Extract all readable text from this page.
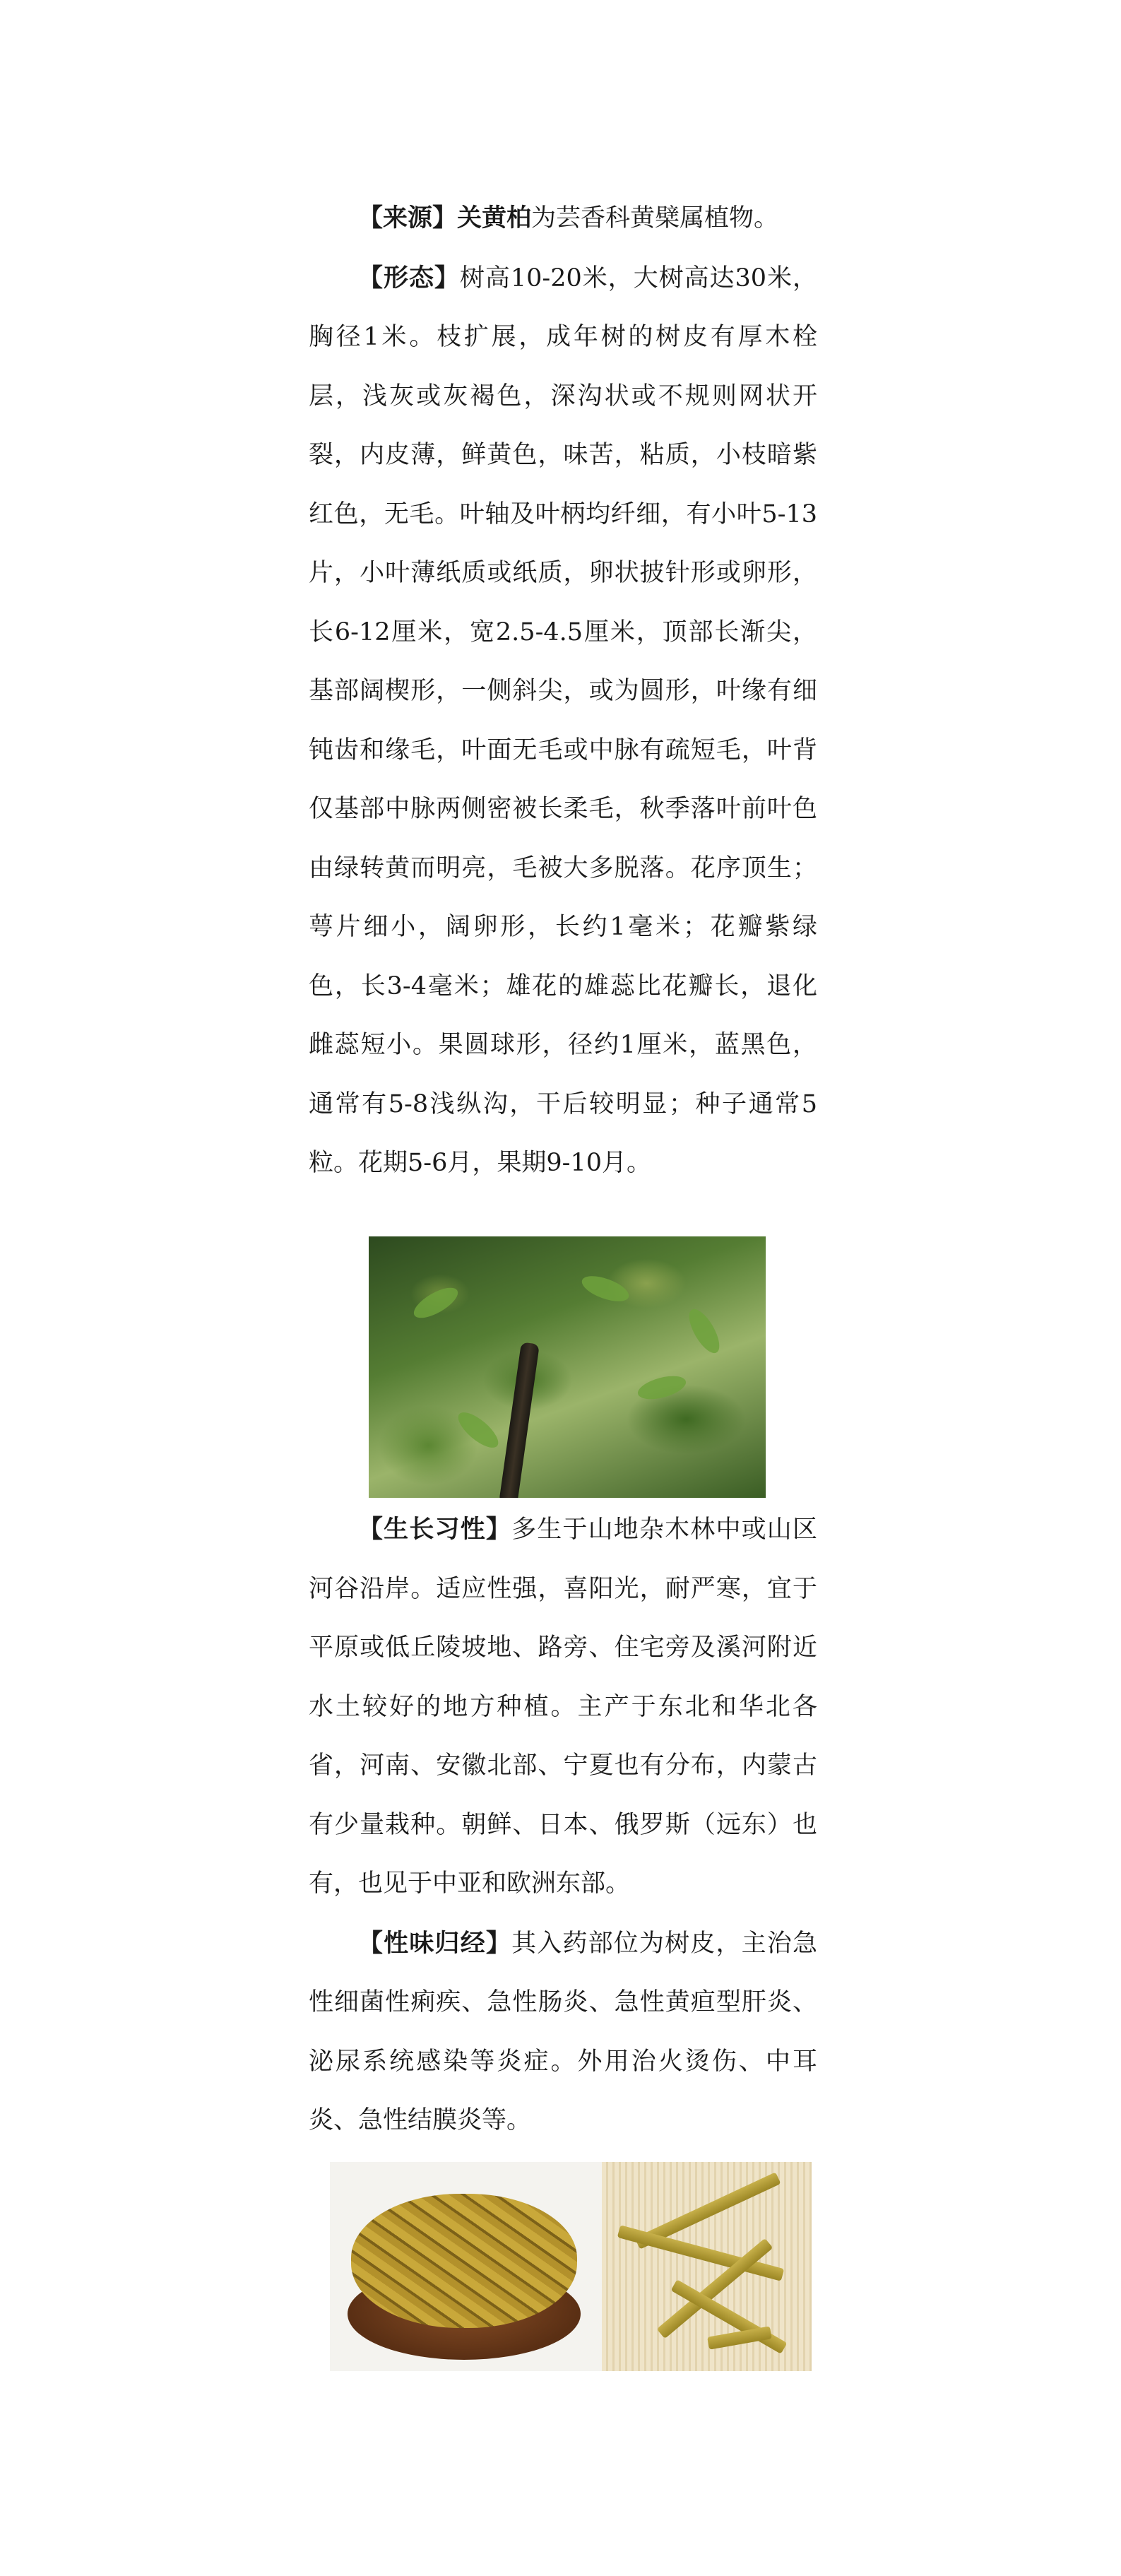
【来源】关黄柏为芸香科黄檗属植物。

【形态】树高10-20米，大树高达30米，胸径1米。枝扩展，成年树的树皮有厚木栓层，浅灰或灰褐色，深沟状或不规则网状开裂，内皮薄，鲜黄色，味苦，粘质，小枝暗紫红色，无毛。叶轴及叶柄均纤细，有小叶5-13片，小叶薄纸质或纸质，卵状披针形或卵形，长6-12厘米，宽2.5-4.5厘米，顶部长渐尖，基部阔楔形，一侧斜尖，或为圆形，叶缘有细钝齿和缘毛，叶面无毛或中脉有疏短毛，叶背仅基部中脉两侧密被长柔毛，秋季落叶前叶色由绿转黄而明亮，毛被大多脱落。花序顶生；萼片细小，阔卵形，长约1毫米；花瓣紫绿色，长3-4毫米；雄花的雄蕊比花瓣长，退化雌蕊短小。果圆球形，径约1厘米，蓝黑色，通常有5-8浅纵沟，干后较明显；种子通常5粒。花期5-6月，果期9-10月。

【生长习性】多生于山地杂木林中或山区河谷沿岸。适应性强，喜阳光，耐严寒，宜于平原或低丘陵坡地、路旁、住宅旁及溪河附近水土较好的地方种植。主产于东北和华北各省，河南、安徽北部、宁夏也有分布，内蒙古有少量栽种。朝鲜、日本、俄罗斯（远东）也有，也见于中亚和欧洲东部。

【性味归经】其入药部位为树皮，主治急性细菌性痢疾、急性肠炎、急性黄疸型肝炎、泌尿系统感染等炎症。外用治火烫伤、中耳炎、急性结膜炎等。
